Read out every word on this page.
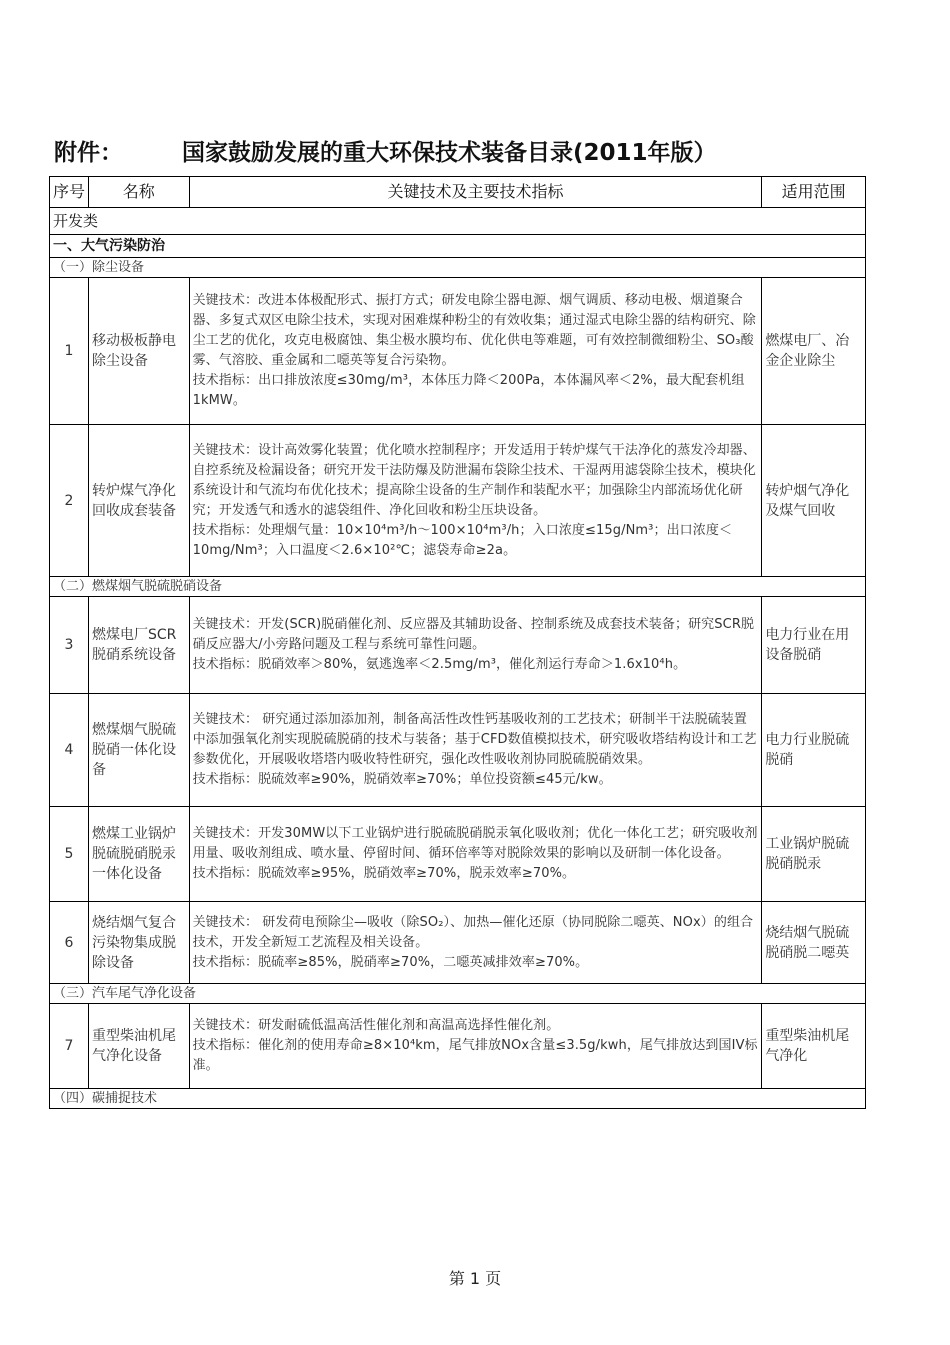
附件：	国家鼓励发展的重大环保技术装备目录(2011年版）
序号	名称	关键技术及主要技术指标	适用范围
开发类			
一、大气污染防治			
（一）除尘设备			
1	移动极板静电除尘设备	关键技术：改进本体极配形式、振打方式；研发电除尘器电源、烟气调质、移动电极、烟道聚合器、多复式双区电除尘技术，实现对困难煤种粉尘的有效收集；通过湿式电除尘器的结构研究、除尘工艺的优化，攻克电极腐蚀、集尘极水膜均布、优化供电等难题，可有效控制微细粉尘、SO₃酸雾、气溶胶、重金属和二噁英等复合污染物。
技术指标：出口排放浓度≤30mg/m³，本体压力降＜200Pa，本体漏风率＜2%，最大配套机组1kMW。	燃煤电厂、冶金企业除尘
2	转炉煤气净化回收成套装备	关键技术：设计高效雾化装置；优化喷水控制程序；开发适用于转炉煤气干法净化的蒸发冷却器、自控系统及检漏设备；研究开发干法防爆及防泄漏布袋除尘技术、干湿两用滤袋除尘技术，模块化系统设计和气流均布优化技术；提高除尘设备的生产制作和装配水平；加强除尘内部流场优化研究；开发透气和透水的滤袋组件、净化回收和粉尘压块设备。
技术指标：处理烟气量：10×10⁴m³/h～100×10⁴m³/h；入口浓度≤15g/Nm³；出口浓度＜10mg/Nm³；入口温度＜2.6×10²℃；滤袋寿命≥2a。	转炉烟气净化及煤气回收
（二）燃煤烟气脱硫脱硝设备			
3	燃煤电厂SCR脱硝系统设备	关键技术：开发(SCR)脱硝催化剂、反应器及其辅助设备、控制系统及成套技术装备；研究SCR脱硝反应器大/小旁路问题及工程与系统可靠性问题。
技术指标：脱硝效率＞80%，氨逃逸率＜2.5mg/m³，催化剂运行寿命＞1.6x10⁴h。	电力行业在用设备脱硝
4	燃煤烟气脱硫脱硝一体化设备	关键技术： 研究通过添加添加剂，制备高活性改性钙基吸收剂的工艺技术；研制半干法脱硫装置中添加强氧化剂实现脱硫脱硝的技术与装备；基于CFD数值模拟技术，研究吸收塔结构设计和工艺参数优化，开展吸收塔塔内吸收特性研究，强化改性吸收剂协同脱硫脱硝效果。
技术指标：脱硫效率≥90%，脱硝效率≥70%；单位投资额≤45元/kw。	电力行业脱硫脱硝
5	燃煤工业锅炉脱硫脱硝脱汞一体化设备	关键技术：开发30MW以下工业锅炉进行脱硫脱硝脱汞氧化吸收剂；优化一体化工艺；研究吸收剂用量、吸收剂组成、喷水量、停留时间、循环倍率等对脱除效果的影响以及研制一体化设备。
技术指标：脱硫效率≥95%，脱硝效率≥70%，脱汞效率≥70%。	工业锅炉脱硫脱硝脱汞
6	烧结烟气复合污染物集成脱除设备	关键技术： 研发荷电预除尘—吸收（除SO₂）、加热—催化还原（协同脱除二噁英、NOx）的组合技术，开发全新短工艺流程及相关设备。
技术指标：脱硫率≥85%，脱硝率≥70%，二噁英减排效率≥70%。	烧结烟气脱硫脱硝脱二噁英
（三）汽车尾气净化设备			
7	重型柴油机尾气净化设备	关键技术：研发耐硫低温高活性催化剂和高温高选择性催化剂。
技术指标：催化剂的使用寿命≥8×10⁴km，尾气排放NOx含量≤3.5g/kwh，尾气排放达到国IV标准。	重型柴油机尾气净化
（四）碳捕捉技术			
第 1 页
